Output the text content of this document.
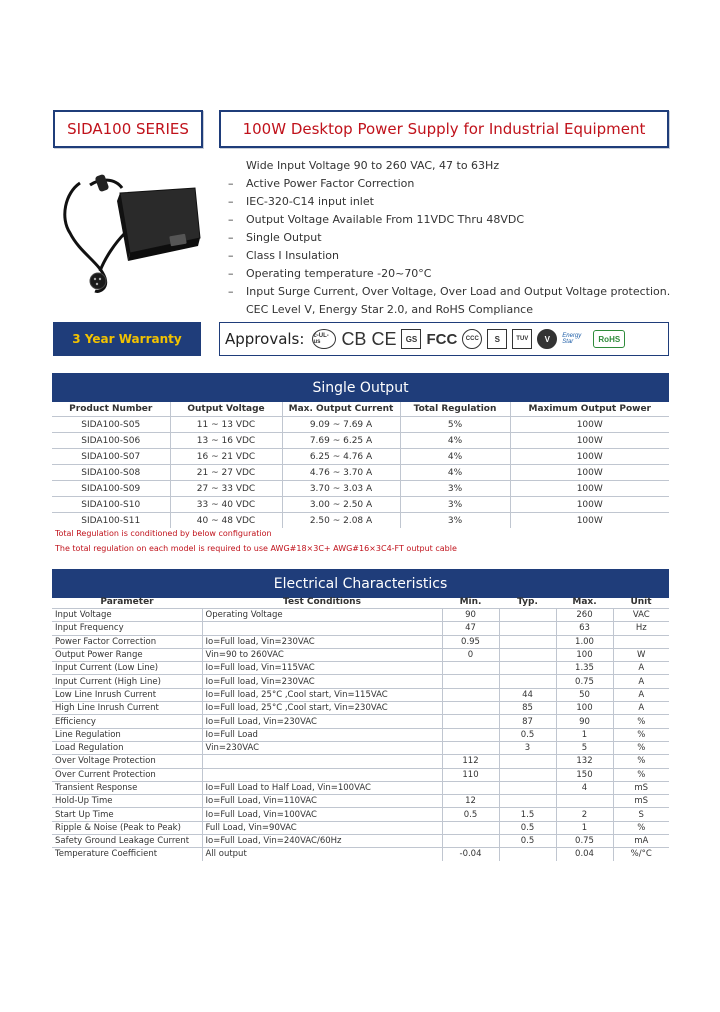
SIDA100 SERIES	100W Desktop Power Supply for Industrial Equipment
Wide Input Voltage 90 to 260 VAC, 47 to 63Hz
– Active Power Factor Correction
– IEC-320-C14 input inlet
– Output Voltage Available From 11VDC Thru 48VDC
– Single Output
– Class I Insulation
– Operating temperature -20~70°C
– Input Surge Current, Over Voltage, Over Load and Output Voltage protection.
CEC Level V, Energy Star 2.0, and RoHS Compliance
3 Year Warranty	Approvals: c-UL-us	CB CE	GS FCC	CCC	S	TUV	V	Energy Star	RoHS
Single Output
Product Number	Output Voltage	Max. Output Current	Total Regulation	Maximum Output Power
SIDA100-S05	11 ~ 13 VDC	9.09 ~ 7.69 A	5%	100W
SIDA100-S06	13 ~ 16 VDC	7.69 ~ 6.25 A	4%	100W
SIDA100-S07	16 ~ 21 VDC	6.25 ~ 4.76 A	4%	100W
SIDA100-S08	21 ~ 27 VDC	4.76 ~ 3.70 A	4%	100W
SIDA100-S09	27 ~ 33 VDC	3.70 ~ 3.03 A	3%	100W
SIDA100-S10	33 ~ 40 VDC	3.00 ~ 2.50 A	3%	100W
SIDA100-S11	40 ~ 48 VDC	2.50 ~ 2.08 A	3%	100W
Total Regulation is conditioned by below configuration
The total regulation on each model is required to use AWG#18×3C+ AWG#16×3C4-FT output cable
Electrical Characteristics
Parameter	Test Conditions	Min.	Typ.	Max.	Unit
Input Voltage	Operating Voltage	90		260	VAC
Input Frequency		47		63	Hz
Power Factor Correction	Io=Full load, Vin=230VAC	0.95		1.00	
Output Power Range	Vin=90 to 260VAC	0		100	W
Input Current (Low Line)	Io=Full load, Vin=115VAC			1.35	A
Input Current (High Line)	Io=Full load, Vin=230VAC			0.75	A
Low Line Inrush Current	Io=Full load, 25°C ,Cool start, Vin=115VAC		44	50	A
High Line Inrush Current	Io=Full load, 25°C ,Cool start, Vin=230VAC		85	100	A
Efficiency	Io=Full Load, Vin=230VAC		87	90	%
Line Regulation	Io=Full Load		0.5	1	%
Load Regulation	Vin=230VAC		3	5	%
Over Voltage Protection		112		132	%
Over Current Protection		110		150	%
Transient Response	Io=Full Load to Half Load, Vin=100VAC			4	mS
Hold-Up Time	Io=Full Load, Vin=110VAC	12			mS
Start Up Time	Io=Full Load, Vin=100VAC	0.5	1.5	2	S
Ripple & Noise (Peak to Peak)	Full Load, Vin=90VAC		0.5	1	%
Safety Ground Leakage Current	Io=Full Load, Vin=240VAC/60Hz		0.5	0.75	mA
Temperature Coefficient	All output	-0.04		0.04	%/°C
